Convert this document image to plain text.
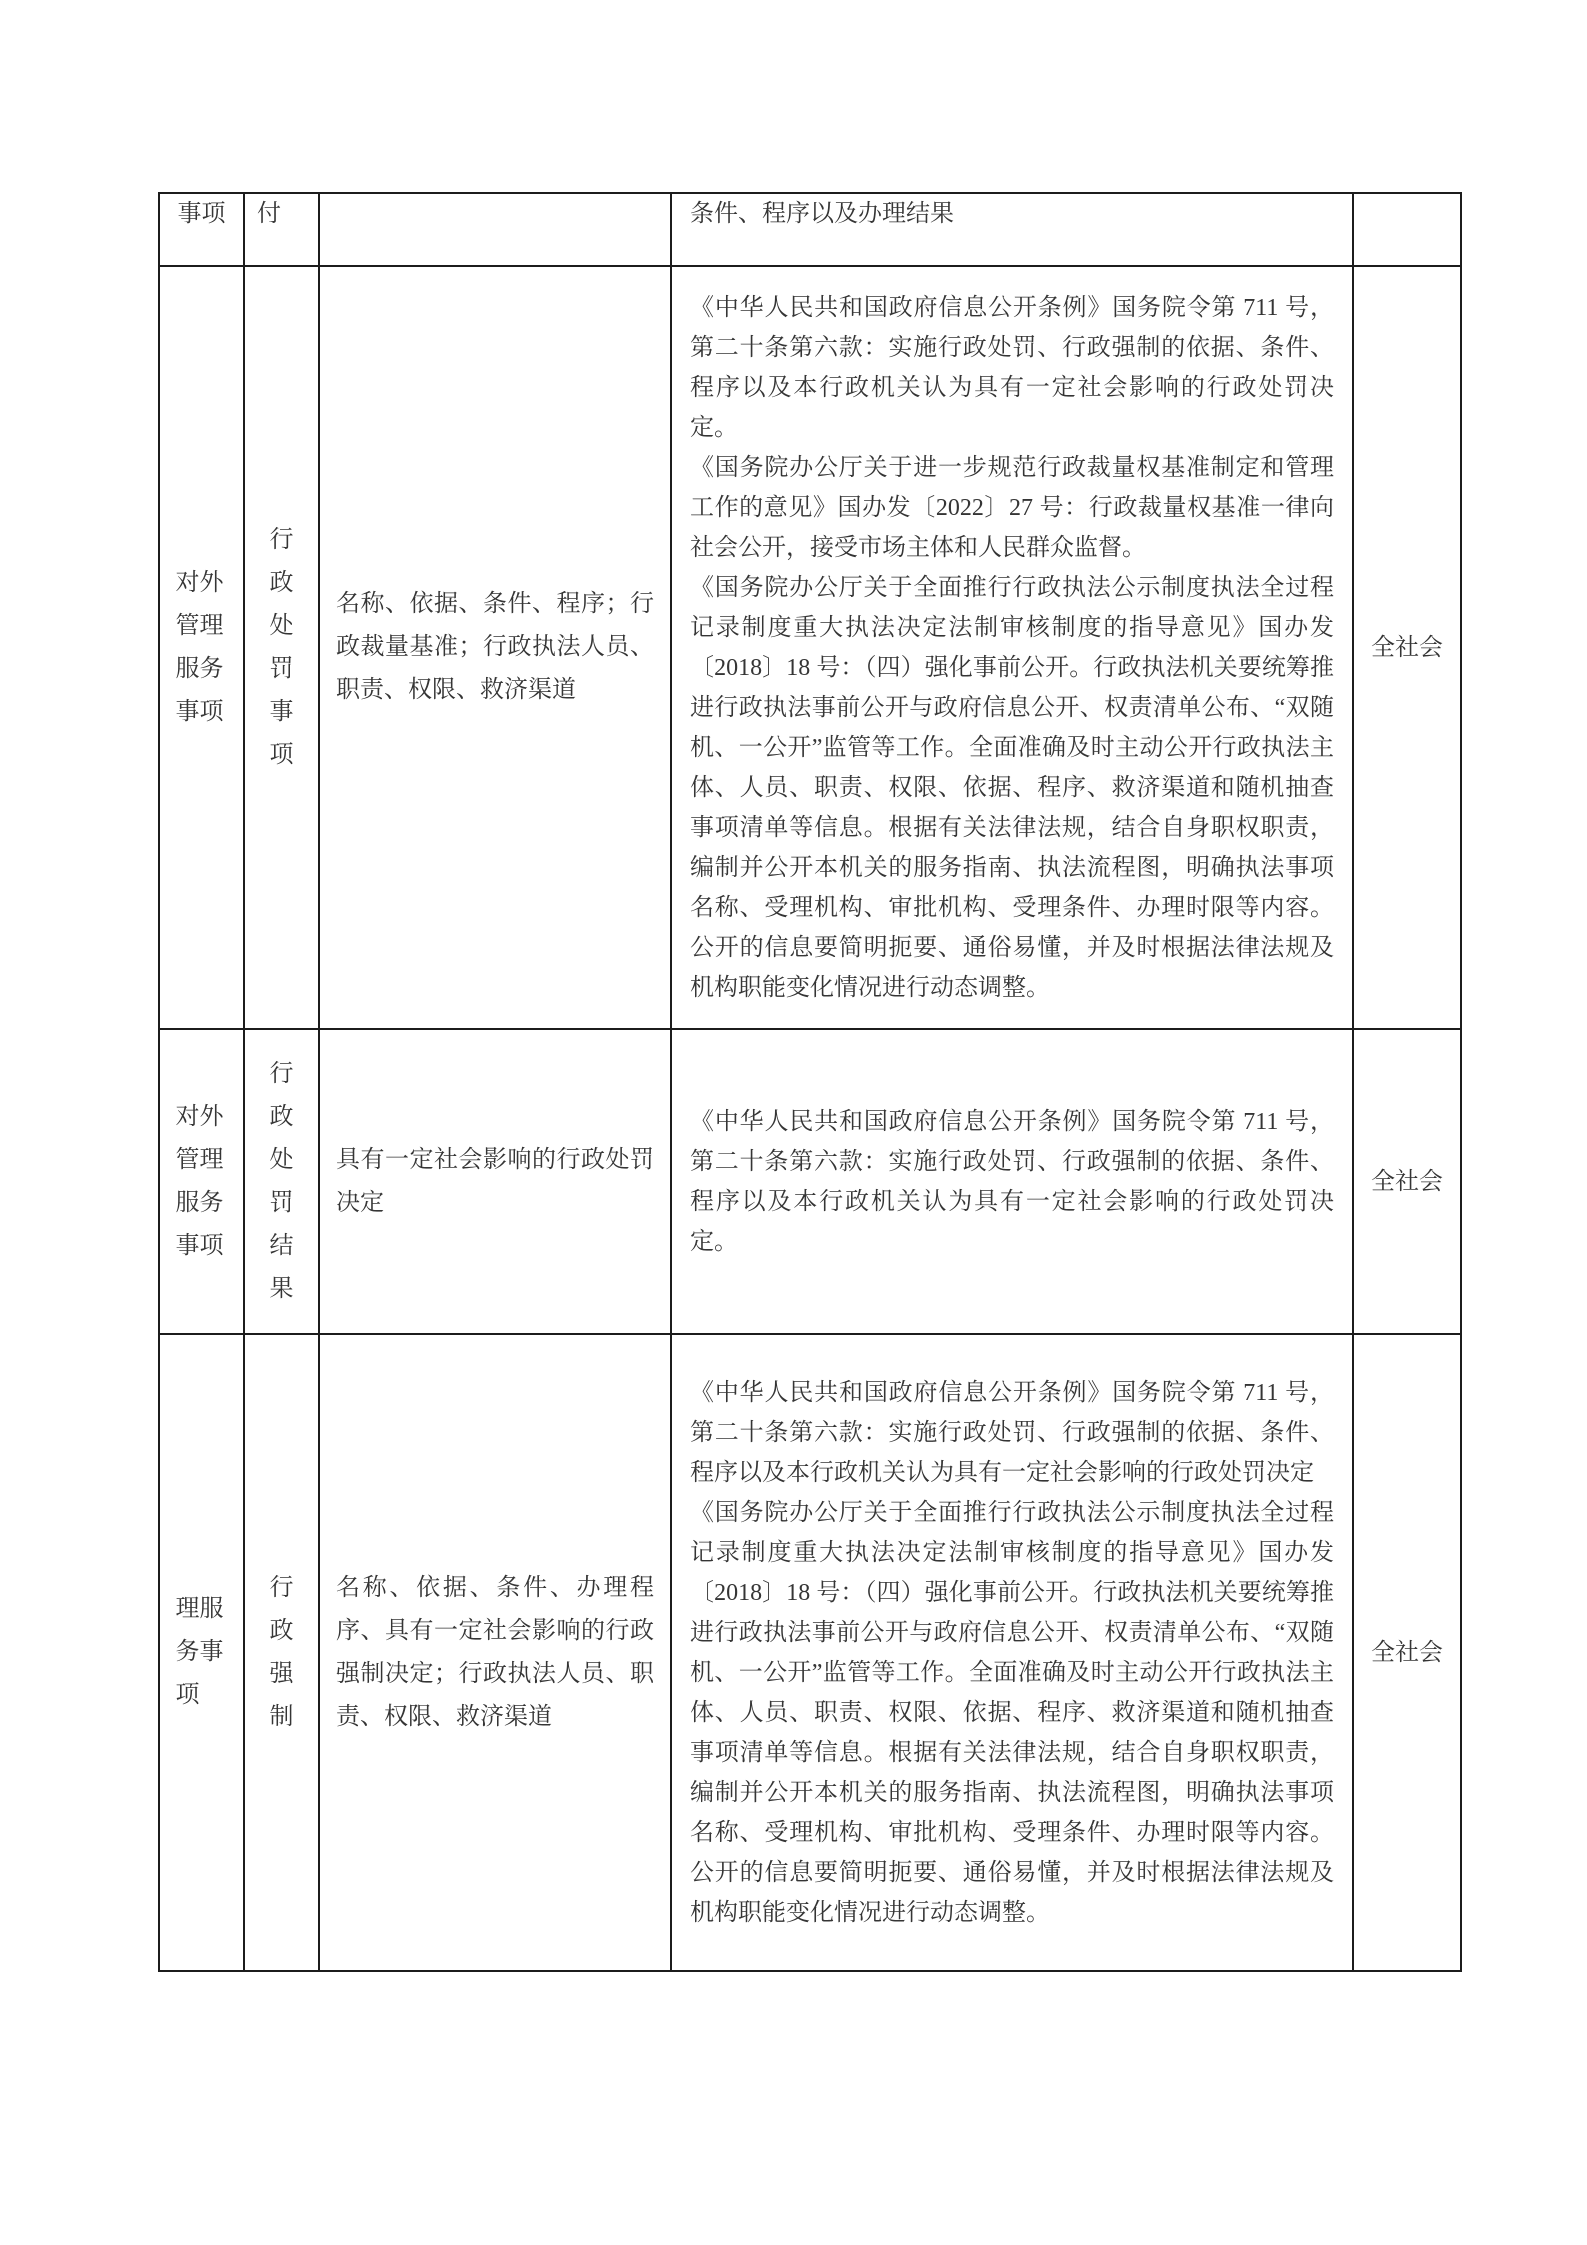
事项	付		条件、程序以及办理结果	

对外管理服务事项	行政处罚事项	名称、依据、条件、程序；行政裁量基准；行政执法人员、职责、权限、救济渠道	《中华人民共和国政府信息公开条例》国务院令第 711 号，第二十条第六款：实施行政处罚、行政强制的依据、条件、程序以及本行政机关认为具有一定社会影响的行政处罚决定。

《国务院办公厅关于进一步规范行政裁量权基准制定和管理工作的意见》国办发〔2022〕27 号：行政裁量权基准一律向社会公开，接受市场主体和人民群众监督。

《国务院办公厅关于全面推行行政执法公示制度执法全过程记录制度重大执法决定法制审核制度的指导意见》国办发〔2018〕18 号：（四）强化事前公开。行政执法机关要统筹推进行政执法事前公开与政府信息公开、权责清单公布、“双随机、一公开”监管等工作。全面准确及时主动公开行政执法主体、人员、职责、权限、依据、程序、救济渠道和随机抽查事项清单等信息。根据有关法律法规，结合自身职权职责，编制并公开本机关的服务指南、执法流程图，明确执法事项名称、受理机构、审批机构、受理条件、办理时限等内容。公开的信息要简明扼要、通俗易懂，并及时根据法律法规及机构职能变化情况进行动态调整。	全社会
对外管理服务事项	行政处罚结果	具有一定社会影响的行政处罚决定	《中华人民共和国政府信息公开条例》国务院令第 711 号，第二十条第六款：实施行政处罚、行政强制的依据、条件、程序以及本行政机关认为具有一定社会影响的行政处罚决定。	全社会
理服务事项	行政强制	名称、依据、条件、办理程序、具有一定社会影响的行政强制决定；行政执法人员、职责、权限、救济渠道	《中华人民共和国政府信息公开条例》国务院令第 711 号，第二十条第六款：实施行政处罚、行政强制的依据、条件、程序以及本行政机关认为具有一定社会影响的行政处罚决定

《国务院办公厅关于全面推行行政执法公示制度执法全过程记录制度重大执法决定法制审核制度的指导意见》国办发〔2018〕18 号：（四）强化事前公开。行政执法机关要统筹推进行政执法事前公开与政府信息公开、权责清单公布、“双随机、一公开”监管等工作。全面准确及时主动公开行政执法主体、人员、职责、权限、依据、程序、救济渠道和随机抽查事项清单等信息。根据有关法律法规，结合自身职权职责，编制并公开本机关的服务指南、执法流程图，明确执法事项名称、受理机构、审批机构、受理条件、办理时限等内容。公开的信息要简明扼要、通俗易懂，并及时根据法律法规及机构职能变化情况进行动态调整。	全社会
